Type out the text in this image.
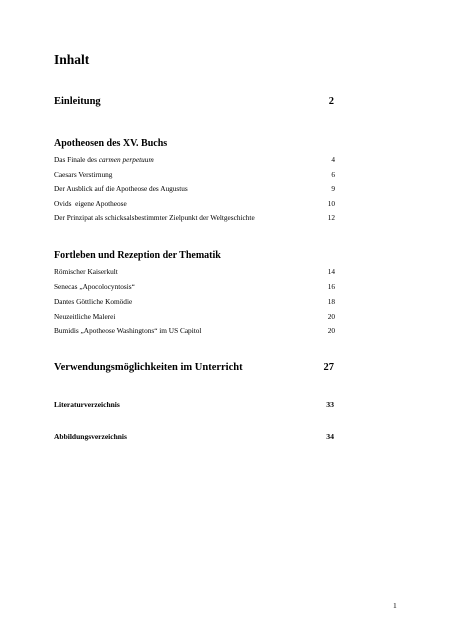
Inhalt
Einleitung	2
Apotheosen des XV. Buchs
Das Finale des carmen perpetuum	4
Caesars Verstirnung	6
Der Ausblick auf die Apotheose des Augustus	9
Ovids  eigene Apotheose	10
Der Prinzipat als schicksalsbestimmter Zielpunkt der Weltgeschichte	12
Fortleben und Rezeption der Thematik
Römischer Kaiserkult	14
Senecas „Apocolocyntosis“	16
Dantes Göttliche Komödie	18
Neuzeitliche Malerei	20
Bumidis „Apotheose Washingtons“ im US Capitol	20
Verwendungsmöglichkeiten im Unterricht	27
Literaturverzeichnis	33
Abbildungsverzeichnis	34
1
